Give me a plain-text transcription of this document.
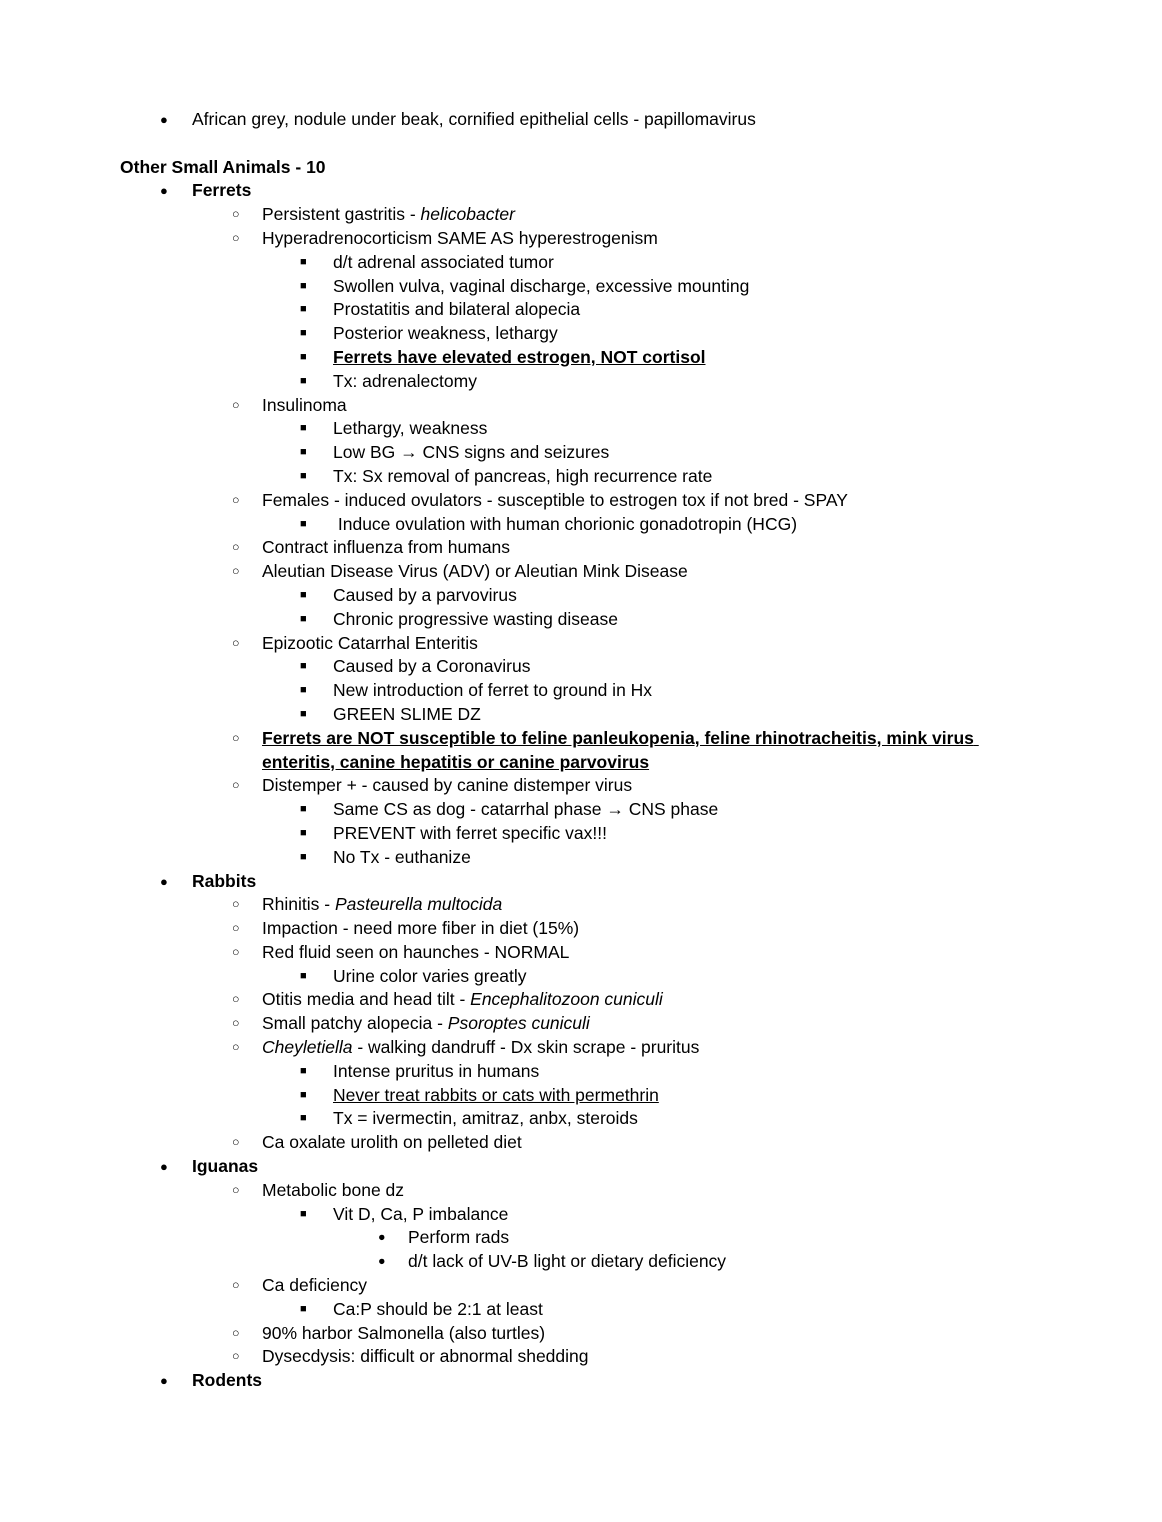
●	African grey, nodule under beak, cornified epithelial cells - papillomavirus
Other Small Animals - 10
●	Ferrets
○	Persistent gastritis - helicobacter
○	Hyperadrenocorticism SAME AS hyperestrogenism
■	d/t adrenal associated tumor
■	Swollen vulva, vaginal discharge, excessive mounting
■	Prostatitis and bilateral alopecia
■	Posterior weakness, lethargy
■	Ferrets have elevated estrogen, NOT cortisol
■	Tx: adrenalectomy
○	Insulinoma
■	Lethargy, weakness
■	Low BG → CNS signs and seizures
■	Tx: Sx removal of pancreas, high recurrence rate
○	Females - induced ovulators - susceptible to estrogen tox if not bred - SPAY
■	Induce ovulation with human chorionic gonadotropin (HCG)
○	Contract influenza from humans
○	Aleutian Disease Virus (ADV) or Aleutian Mink Disease
■	Caused by a parvovirus
■	Chronic progressive wasting disease
○	Epizootic Catarrhal Enteritis
■	Caused by a Coronavirus
■	New introduction of ferret to ground in Hx
■	GREEN SLIME DZ
○	Ferrets are NOT susceptible to feline panleukopenia, feline rhinotracheitis, mink virus enteritis, canine hepatitis or canine parvovirus
○	Distemper + - caused by canine distemper virus
■	Same CS as dog - catarrhal phase → CNS phase
■	PREVENT with ferret specific vax!!!
■	No Tx - euthanize
●	Rabbits
○	Rhinitis - Pasteurella multocida
○	Impaction - need more fiber in diet (15%)
○	Red fluid seen on haunches - NORMAL
■	Urine color varies greatly
○	Otitis media and head tilt - Encephalitozoon cuniculi
○	Small patchy alopecia - Psoroptes cuniculi
○	Cheyletiella - walking dandruff - Dx skin scrape - pruritus
■	Intense pruritus in humans
■	Never treat rabbits or cats with permethrin
■	Tx = ivermectin, amitraz, anbx, steroids
○	Ca oxalate urolith on pelleted diet
●	Iguanas
○	Metabolic bone dz
■	Vit D, Ca, P imbalance
●	Perform rads
●	d/t lack of UV-B light or dietary deficiency
○	Ca deficiency
■	Ca:P should be 2:1 at least
○	90% harbor Salmonella (also turtles)
○	Dysecdysis: difficult or abnormal shedding
●	Rodents
